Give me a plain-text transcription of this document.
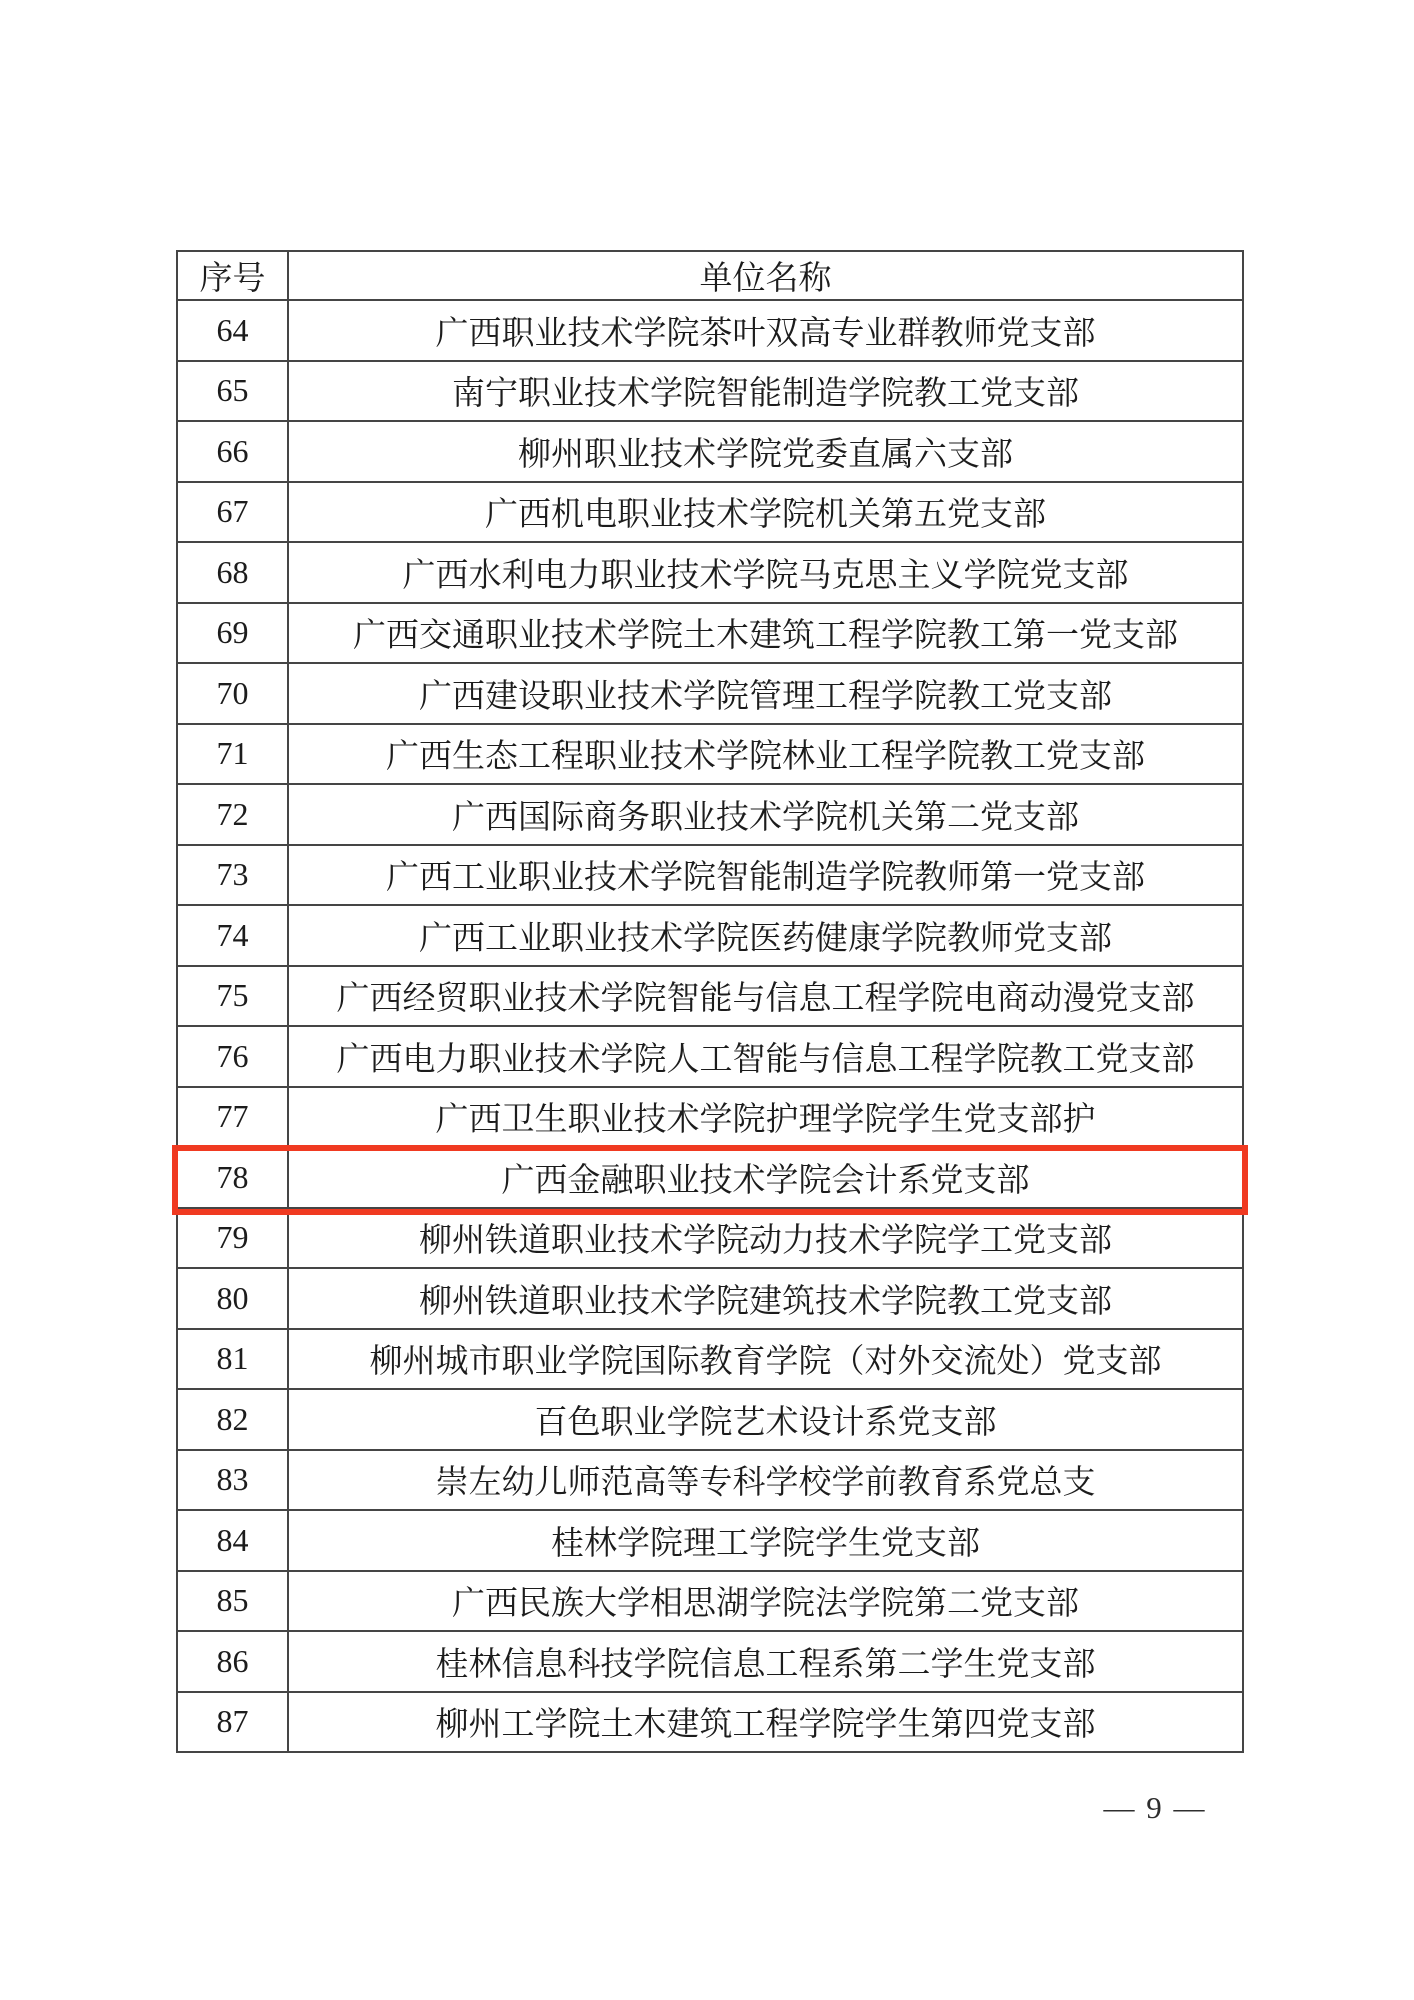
序号	单位名称
64	广西职业技术学院茶叶双高专业群教师党支部
65	南宁职业技术学院智能制造学院教工党支部
66	柳州职业技术学院党委直属六支部
67	广西机电职业技术学院机关第五党支部
68	广西水利电力职业技术学院马克思主义学院党支部
69	广西交通职业技术学院土木建筑工程学院教工第一党支部
70	广西建设职业技术学院管理工程学院教工党支部
71	广西生态工程职业技术学院林业工程学院教工党支部
72	广西国际商务职业技术学院机关第二党支部
73	广西工业职业技术学院智能制造学院教师第一党支部
74	广西工业职业技术学院医药健康学院教师党支部
75	广西经贸职业技术学院智能与信息工程学院电商动漫党支部
76	广西电力职业技术学院人工智能与信息工程学院教工党支部
77	广西卫生职业技术学院护理学院学生党支部护
78	广西金融职业技术学院会计系党支部
79	柳州铁道职业技术学院动力技术学院学工党支部
80	柳州铁道职业技术学院建筑技术学院教工党支部
81	柳州城市职业学院国际教育学院（对外交流处）党支部
82	百色职业学院艺术设计系党支部
83	崇左幼儿师范高等专科学校学前教育系党总支
84	桂林学院理工学院学生党支部
85	广西民族大学相思湖学院法学院第二党支部
86	桂林信息科技学院信息工程系第二学生党支部
87	柳州工学院土木建筑工程学院学生第四党支部
— 9 —
